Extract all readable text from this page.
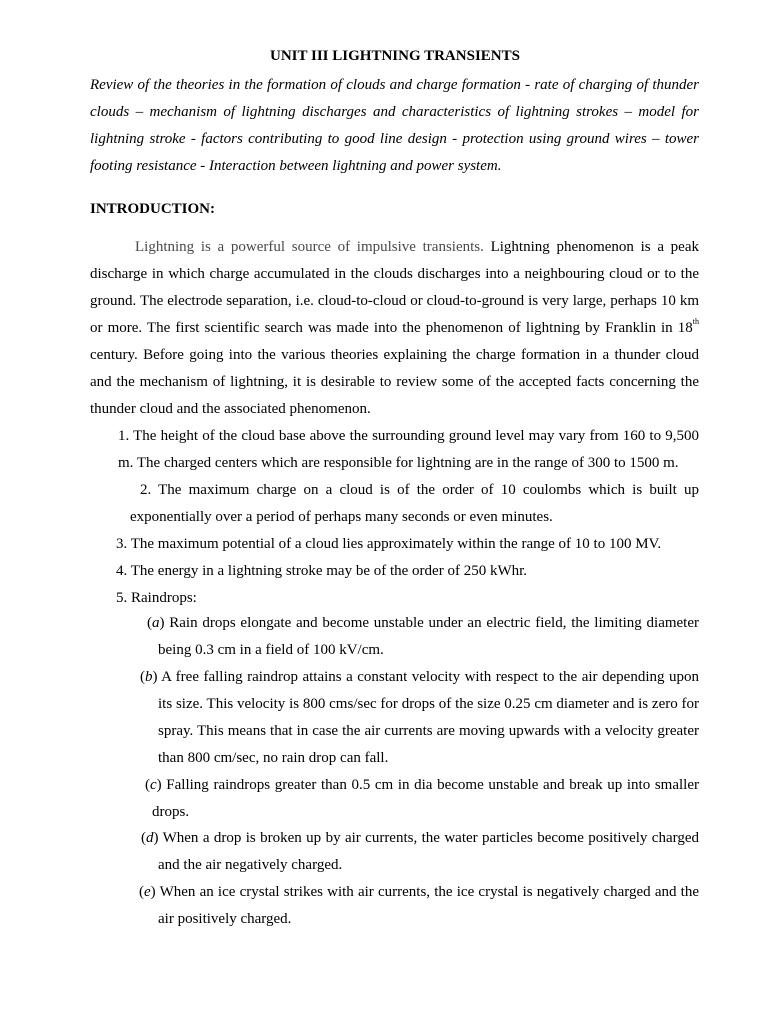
UNIT III LIGHTNING TRANSIENTS
Review of the theories in the formation of clouds and charge formation - rate of charging of thunder
clouds – mechanism of lightning discharges and characteristics of lightning strokes – model for
lightning stroke - factors contributing to good line design - protection using ground wires – tower
footing resistance - Interaction between lightning and power system.
INTRODUCTION:
Lightning is a powerful source of impulsive transients. Lightning phenomenon is a peak discharge in which charge accumulated in the clouds discharges into a neighbouring cloud or to the ground. The electrode separation, i.e. cloud-to-cloud or cloud-to-ground is very large, perhaps 10 km or more. The first scientific search was made into the phenomenon of lightning by Franklin in 18th century. Before going into the various theories explaining the charge formation in a thunder cloud and the mechanism of lightning, it is desirable to review some of the accepted facts concerning the thunder cloud and the associated phenomenon.
1. The height of the cloud base above the surrounding ground level may vary from 160 to 9,500 m. The charged centers which are responsible for lightning are in the range of 300 to 1500 m.
2. The maximum charge on a cloud is of the order of 10 coulombs which is built up exponentially over a period of perhaps many seconds or even minutes.
3. The maximum potential of a cloud lies approximately within the range of 10 to 100 MV.
4. The energy in a lightning stroke may be of the order of 250 kWhr.
5. Raindrops:
(a) Rain drops elongate and become unstable under an electric field, the limiting diameter being 0.3 cm in a field of 100 kV/cm.
(b) A free falling raindrop attains a constant velocity with respect to the air depending upon its size. This velocity is 800 cms/sec for drops of the size 0.25 cm diameter and is zero for spray. This means that in case the air currents are moving upwards with a velocity greater than 800 cm/sec, no rain drop can fall.
(c) Falling raindrops greater than 0.5 cm in dia become unstable and break up into smaller drops.
(d) When a drop is broken up by air currents, the water particles become positively charged and the air negatively charged.
(e) When an ice crystal strikes with air currents, the ice crystal is negatively charged and the air positively charged.
